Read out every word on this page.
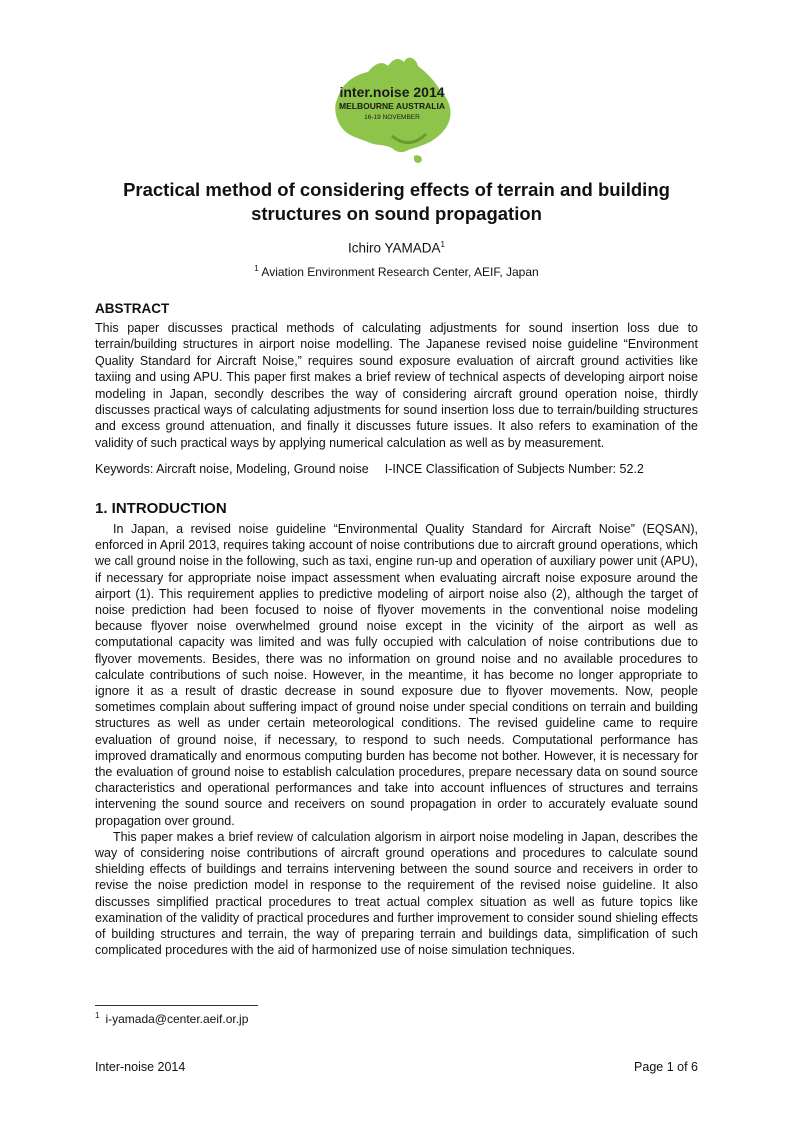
inter.noise 2014
MELBOURNE AUSTRALIA
16-19 NOVEMBER
Practical method of considering effects of terrain and building structures on sound propagation
Ichiro YAMADA$^1$
$^1$ Aviation Environment Research Center, AEIF, Japan
ABSTRACT

This paper discusses practical methods of calculating adjustments for sound insertion loss due to terrain/building structures in airport noise modelling. The Japanese revised noise guideline “Environment Quality Standard for Aircraft Noise,” requires sound exposure evaluation of aircraft ground activities like taxiing and using APU. This paper first makes a brief review of technical aspects of developing airport noise modeling in Japan, secondly describes the way of considering aircraft ground operation noise, thirdly discusses practical ways of calculating adjustments for sound insertion loss due to terrain/building structures and excess ground attenuation, and finally it discusses future issues. It also refers to examination of the validity of such practical ways by applying numerical calculation as well as by measurement.

Keywords: Aircraft noise, Modeling, Ground noise I-INCE Classification of Subjects Number: 52.2
1. INTRODUCTION

In Japan, a revised noise guideline “Environmental Quality Standard for Aircraft Noise” (EQSAN), enforced in April 2013, requires taking account of noise contributions due to aircraft ground operations, which we call ground noise in the following, such as taxi, engine run-up and operation of auxiliary power unit (APU), if necessary for appropriate noise impact assessment when evaluating aircraft noise exposure around the airport (1). This requirement applies to predictive modeling of airport noise also (2), although the target of noise prediction had been focused to noise of flyover movements in the conventional noise modeling because flyover noise overwhelmed ground noise except in the vicinity of the airport as well as computational capacity was limited and was fully occupied with calculation of noise contributions due to flyover movements. Besides, there was no information on ground noise and no available procedures to calculate contributions of such noise. However, in the meantime, it has become no longer appropriate to ignore it as a result of drastic decrease in sound exposure due to flyover movements. Now, people sometimes complain about suffering impact of ground noise under special conditions on terrain and building structures as well as under certain meteorological conditions. The revised guideline came to require evaluation of ground noise, if necessary, to respond to such needs. Computational performance has improved dramatically and enormous computing burden has become not bother. However, it is necessary for the evaluation of ground noise to establish calculation procedures, prepare necessary data on sound source characteristics and operational performances and take into account influences of structures and terrains intervening the sound source and receivers on sound propagation in order to accurately evaluate sound propagation over ground.

This paper makes a brief review of calculation algorism in airport noise modeling in Japan, describes the way of considering noise contributions of aircraft ground operations and procedures to calculate sound shielding effects of buildings and terrains intervening between the sound source and receivers in order to revise the noise prediction model in response to the requirement of the revised noise guideline. It also discusses simplified practical procedures to treat actual complex situation as well as future topics like examination of the validity of practical procedures and further improvement to consider sound shieling effects of building structures and terrain, the way of preparing terrain and buildings data, simplification of such complicated procedures with the aid of harmonized use of noise simulation techniques.

$^1$ i-yamada@center.aeif.or.jp
Inter-noise 2014	Page 1 of 6
